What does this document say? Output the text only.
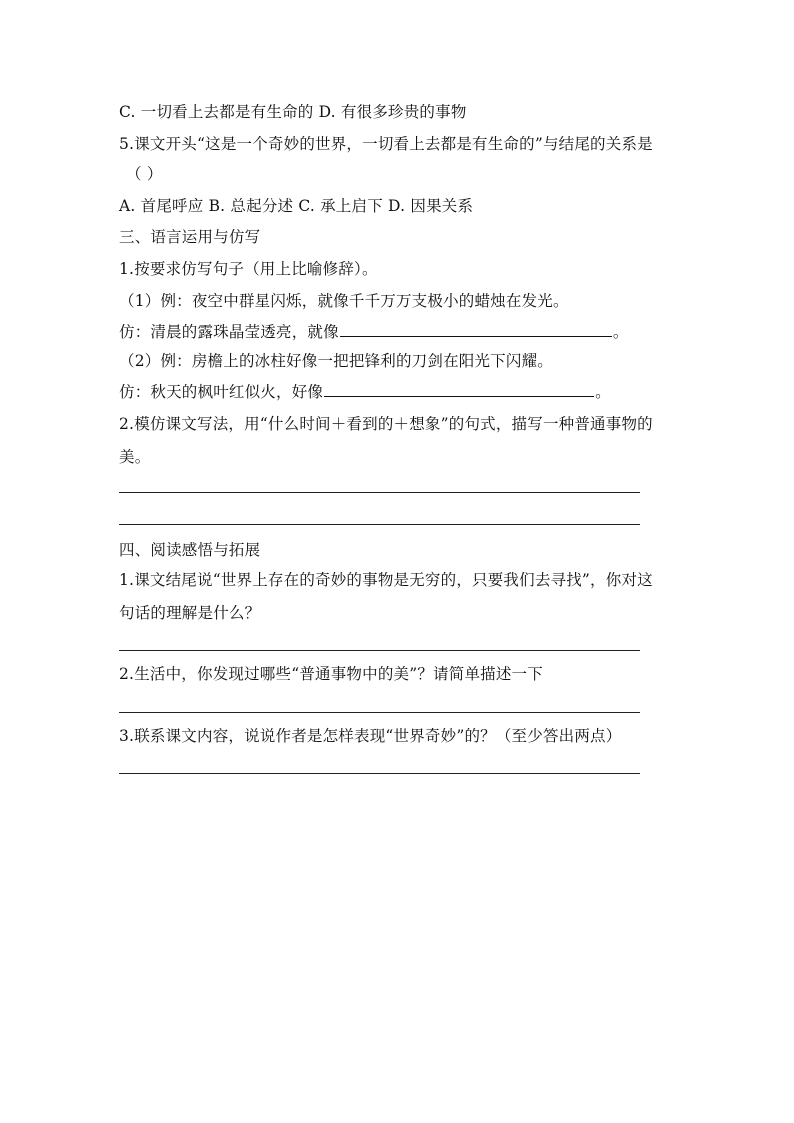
C. 一切看上去都是有生命的 D. 有很多珍贵的事物
5.课文开头“这是一个奇妙的世界，一切看上去都是有生命的”与结尾的关系是
（ ）
A. 首尾呼应 B. 总起分述 C. 承上启下 D. 因果关系
三、语言运用与仿写
1.按要求仿写句子（用上比喻修辞）。
（1）例：夜空中群星闪烁，就像千千万万支极小的蜡烛在发光。
仿：清晨的露珠晶莹透亮，就像	。
（2）例：房檐上的冰柱好像一把把锋利的刀剑在阳光下闪耀。
仿：秋天的枫叶红似火，好像	。
2.模仿课文写法，用“什么时间＋看到的＋想象”的句式，描写一种普通事物的
美。
四、阅读感悟与拓展
1.课文结尾说“世界上存在的奇妙的事物是无穷的，只要我们去寻找”，你对这
句话的理解是什么？
2.生活中，你发现过哪些“普通事物中的美”？请简单描述一下
3.联系课文内容，说说作者是怎样表现“世界奇妙”的？（至少答出两点）
